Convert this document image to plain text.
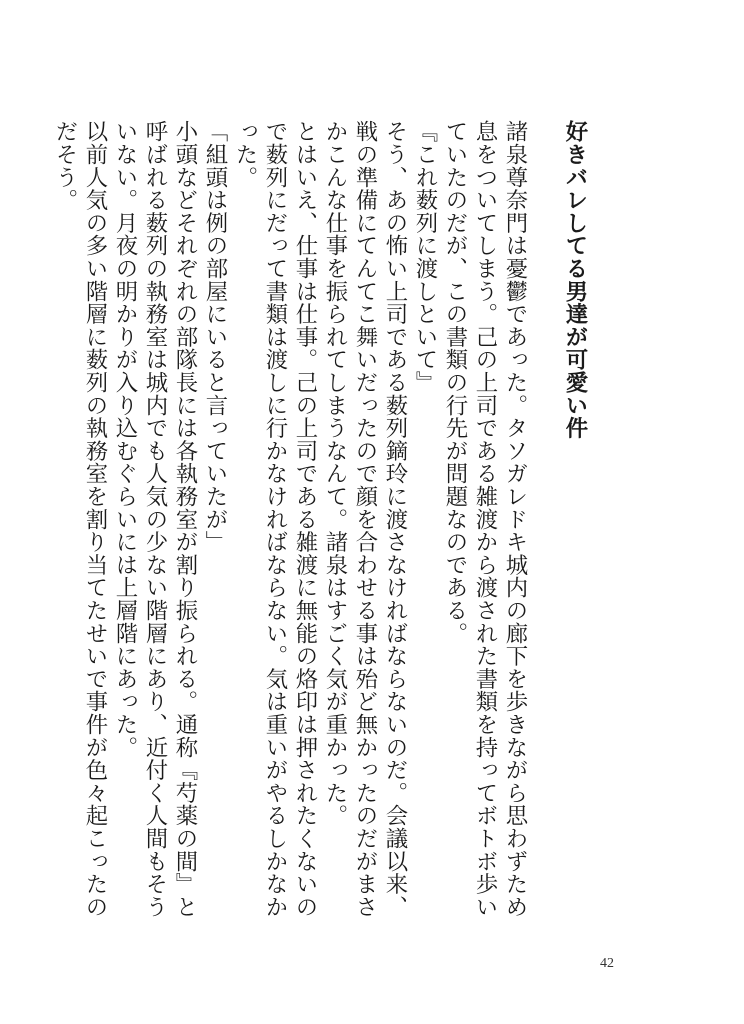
好きバレしてる男達が可愛い件

諸泉尊奈門は憂鬱であった。タソガレドキ城内の廊下を歩きながら思わずため息をついてしまう。己の上司である雑渡から渡された書類を持ってボトボ歩いていたのだが、この書類の行先が問題なのである。

『これ薮列に渡しといて』

そう、あの怖い上司である薮列鏑玲に渡さなければならないのだ。会議以来、戦の準備にてんてこ舞いだったので顔を合わせる事は殆ど無かったのだがまさかこんな仕事を振られてしまうなんて。諸泉はすごく気が重かった。

とはいえ、仕事は仕事。己の上司である雑渡に無能の烙印は押されたくないので薮列にだって書類は渡しに行かなければならない。気は重いがやるしかなかった。

「組頭は例の部屋にいると言っていたが」

小頭などそれぞれの部隊長には各執務室が割り振られる。通称『芍薬の間』と呼ばれる薮列の執務室は城内でも人気の少ない階層にあり、近付く人間もそういない。月夜の明かりが入り込むぐらいには上層階にあった。

以前人気の多い階層に薮列の執務室を割り当てたせいで事件が色々起こったのだそう。

42
